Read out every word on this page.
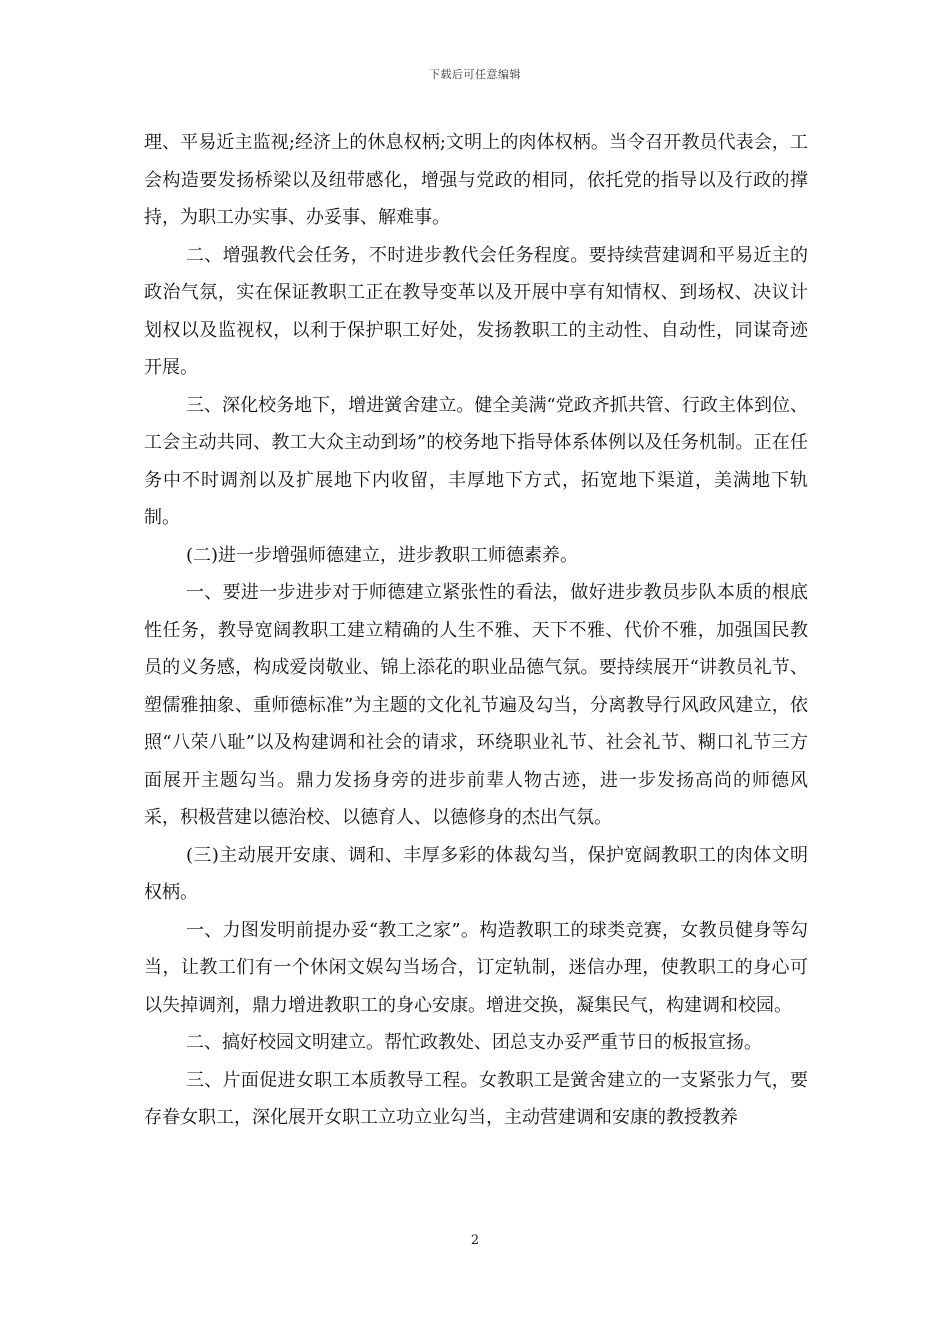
下载后可任意编辑

理、平易近主监视;经济上的休息权柄;文明上的肉体权柄。当令召开教员代表会，工会构造要发扬桥梁以及纽带感化，增强与党政的相同，依托党的指导以及行政的撑持，为职工办实事、办妥事、解难事。

二、增强教代会任务，不时进步教代会任务程度。要持续营建调和平易近主的政治气氛，实在保证教职工正在教导变革以及开展中享有知情权、到场权、决议计划权以及监视权，以利于保护职工好处，发扬教职工的主动性、自动性，同谋奇迹开展。

三、深化校务地下，增进黉舍建立。健全美满“党政齐抓共管、行政主体到位、工会主动共同、教工大众主动到场”的校务地下指导体系体例以及任务机制。正在任务中不时调剂以及扩展地下内收留，丰厚地下方式，拓宽地下渠道，美满地下轨制。

(二)进一步增强师德建立，进步教职工师德素养。

一、要进一步进步对于师德建立紧张性的看法，做好进步教员步队本质的根底性任务，教导宽阔教职工建立精确的人生不雅、天下不雅、代价不雅，加强国民教员的义务感，构成爱岗敬业、锦上添花的职业品德气氛。要持续展开“讲教员礼节、塑儒雅抽象、重师德标准”为主题的文化礼节遍及勾当，分离教导行风政风建立，依照“八荣八耻”以及构建调和社会的请求，环绕职业礼节、社会礼节、糊口礼节三方面展开主题勾当。鼎力发扬身旁的进步前辈人物古迹，进一步发扬高尚的师德风采，积极营建以德治校、以德育人、以德修身的杰出气氛。

(三)主动展开安康、调和、丰厚多彩的体裁勾当，保护宽阔教职工的肉体文明权柄。

一、力图发明前提办妥“教工之家”。构造教职工的球类竞赛，女教员健身等勾当，让教工们有一个休闲文娱勾当场合，订定轨制，迷信办理，使教职工的身心可以失掉调剂，鼎力增进教职工的身心安康。增进交换，凝集民气，构建调和校园。

二、搞好校园文明建立。帮忙政教处、团总支办妥严重节日的板报宣扬。

三、片面促进女职工本质教导工程。女教职工是黉舍建立的一支紧张力气，要存眷女职工，深化展开女职工立功立业勾当，主动营建调和安康的教授教养

2
